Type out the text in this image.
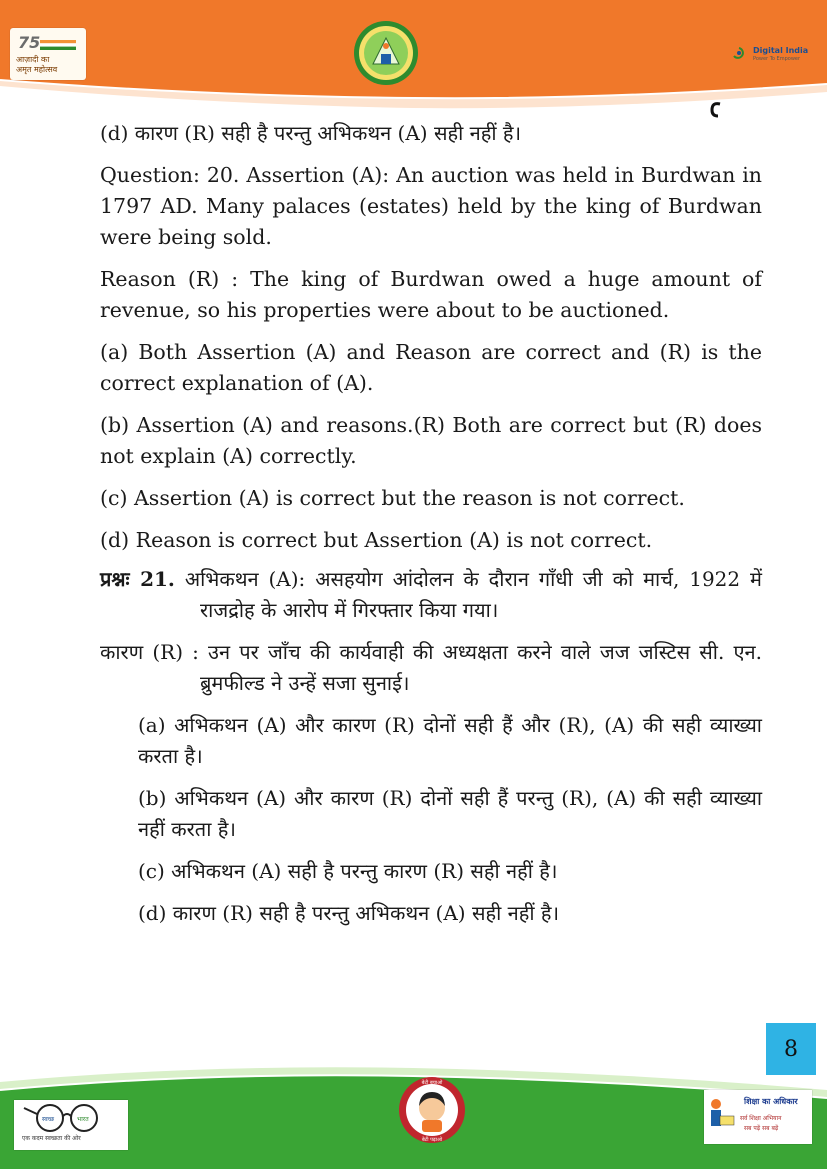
75
आज़ादी का
अमृत महोत्सव
Digital India
Power To Empower

(d) कारण (R) सही है परन्तु अभिकथन (A) सही नहीं है।

Question: 20. Assertion (A): An auction was held in Burdwan in 1797 AD. Many palaces (estates) held by the king of Burdwan were being sold.

Reason (R) : The king of Burdwan owed a huge amount of revenue, so his properties were about to be auctioned.

(a) Both Assertion (A) and Reason are correct and (R) is the correct explanation of (A).

(b) Assertion (A) and reasons.(R) Both are correct but (R) does not explain (A) correctly.

(c) Assertion (A) is correct but the reason is not correct.

(d) Reason is correct but Assertion (A) is not correct.

प्रश्नः 21. अभिकथन (A): असहयोग आंदोलन के दौरान गाँधी जी को मार्च, 1922 में राजद्रोह के आरोप में गिरफ्तार किया गया।

कारण (R) : उन पर जाँच की कार्यवाही की अध्यक्षता करने वाले जज जस्टिस सी. एन. ब्रुमफील्ड ने उन्हें सजा सुनाई।

(a) अभिकथन (A) और कारण (R) दोनों सही हैं और (R), (A) की सही व्याख्या करता है।

(b) अभिकथन (A) और कारण (R) दोनों सही हैं परन्तु (R), (A) की सही व्याख्या नहीं करता है।

(c) अभिकथन (A) सही है परन्तु कारण (R) सही नहीं है।

(d) कारण (R) सही है परन्तु अभिकथन (A) सही नहीं है।

8
स्वच्छ	भारत
एक कदम स्वच्छता की ओर
बेटी बचाओ
बेटी पढ़ाओ
शिक्षा का अधिकार
सर्व शिक्षा अभियान
सब पढ़ें सब बढ़ें
